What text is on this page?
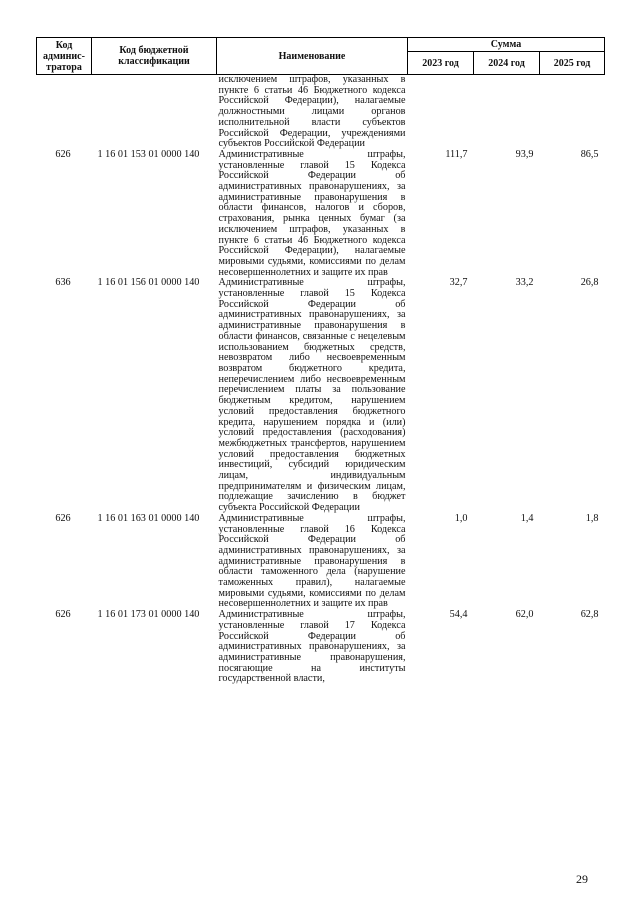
Код администратора	Код бюджетной классификации	Наименование	Сумма		
			2023 год	2024 год	2025 год
		исключением штрафов, указанных в пункте 6 статьи 46 Бюджетного кодекса Российской Федерации), налагаемые должностными лицами органов исполнительной власти субъектов Российской Федерации, учреждениями субъектов Российской Федерации			
626	1 16 01 153 01 0000 140	Административные штрафы, установленные главой 15 Кодекса Российской Федерации об административных правонарушениях, за административные правонарушения в области финансов, налогов и сборов, страхования, рынка ценных бумаг (за исключением штрафов, указанных в пункте 6 статьи 46 Бюджетного кодекса Российской Федерации), налагаемые мировыми судьями, комиссиями по делам несовершеннолетних и защите их прав	111,7	93,9	86,5
636	1 16 01 156 01 0000 140	Административные штрафы, установленные главой 15 Кодекса Российской Федерации об административных правонарушениях, за административные правонарушения в области финансов, связанные с нецелевым использованием бюджетных средств, невозвратом либо несвоевременным возвратом бюджетного кредита, неперечислением либо несвоевременным перечислением платы за пользование бюджетным кредитом, нарушением условий предоставления бюджетного кредита, нарушением порядка и (или) условий предоставления (расходования) межбюджетных трансфертов, нарушением условий предоставления бюджетных инвестиций, субсидий юридическим лицам, индивидуальным предпринимателям и физическим лицам, подлежащие зачислению в бюджет субъекта Российской Федерации	32,7	33,2	26,8
626	1 16 01 163 01 0000 140	Административные штрафы, установленные главой 16 Кодекса Российской Федерации об административных правонарушениях, за административные правонарушения в области таможенного дела (нарушение таможенных правил), налагаемые мировыми судьями, комиссиями по делам несовершеннолетних и защите их прав	1,0	1,4	1,8
626	1 16 01 173 01 0000 140	Административные штрафы, установленные главой 17 Кодекса Российской Федерации об административных правонарушениях, за административные правонарушения, посягающие на институты государственной власти,	54,4	62,0	62,8
29
